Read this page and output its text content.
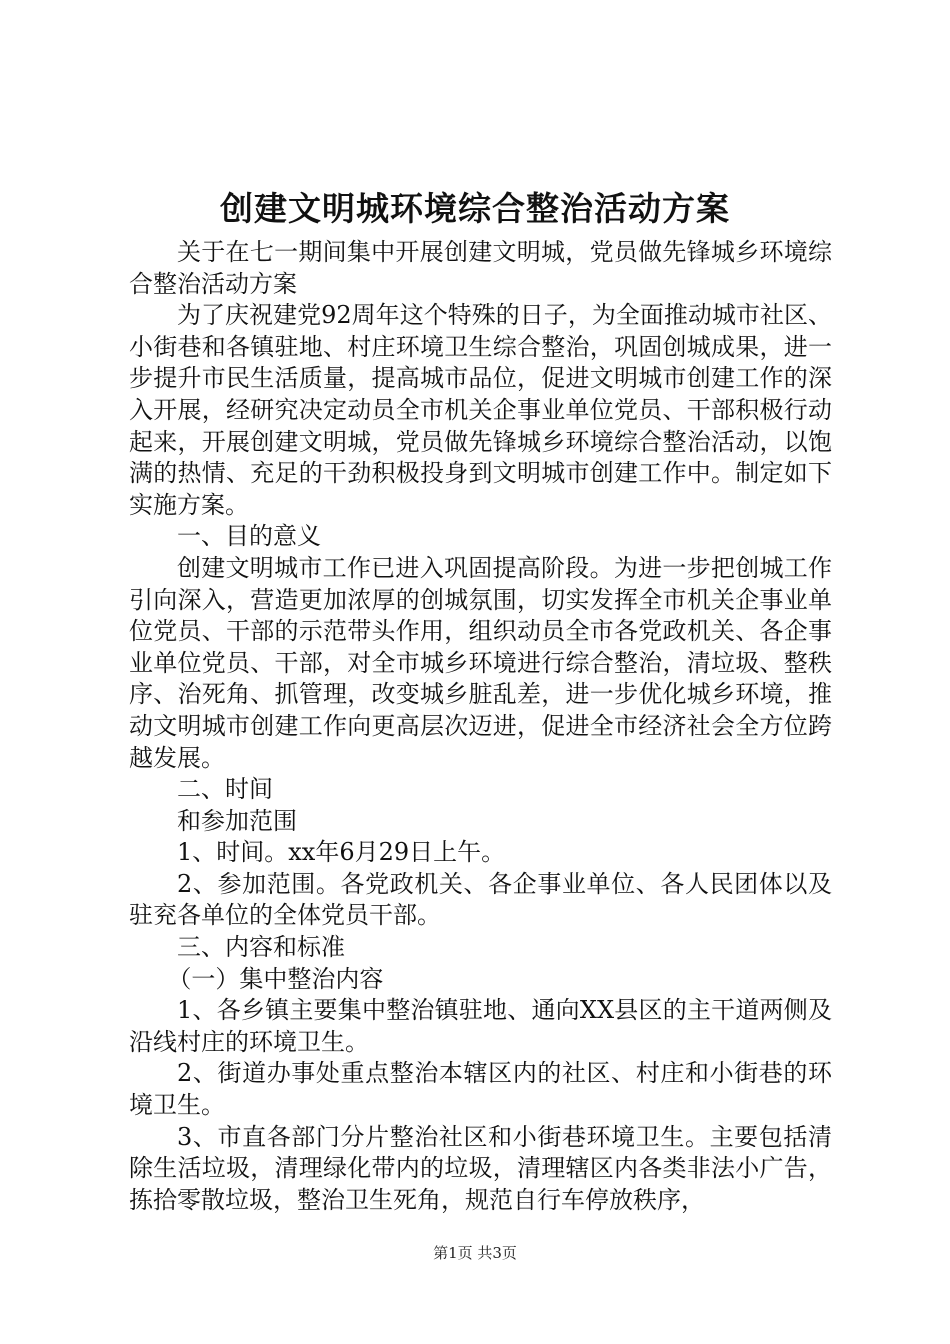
创建文明城环境综合整治活动方案

关于在七一期间集中开展创建文明城，党员做先锋城乡环境综合整治活动方案

为了庆祝建党92周年这个特殊的日子，为全面推动城市社区、小街巷和各镇驻地、村庄环境卫生综合整治，巩固创城成果，进一步提升市民生活质量，提高城市品位，促进文明城市创建工作的深入开展，经研究决定动员全市机关企事业单位党员、干部积极行动起来，开展创建文明城，党员做先锋城乡环境综合整治活动，以饱满的热情、充足的干劲积极投身到文明城市创建工作中。制定如下实施方案。

一、目的意义

创建文明城市工作已进入巩固提高阶段。为进一步把创城工作引向深入，营造更加浓厚的创城氛围，切实发挥全市机关企事业单位党员、干部的示范带头作用，组织动员全市各党政机关、各企事业单位党员、干部，对全市城乡环境进行综合整治，清垃圾、整秩序、治死角、抓管理，改变城乡脏乱差，进一步优化城乡环境，推动文明城市创建工作向更高层次迈进，促进全市经济社会全方位跨越发展。

二、时间

和参加范围

1、时间。xx年6月29日上午。

2、参加范围。各党政机关、各企事业单位、各人民团体以及驻兖各单位的全体党员干部。

三、内容和标准

（一）集中整治内容

1、各乡镇主要集中整治镇驻地、通向XX县区的主干道两侧及沿线村庄的环境卫生。

2、街道办事处重点整治本辖区内的社区、村庄和小街巷的环境卫生。

3、市直各部门分片整治社区和小街巷环境卫生。主要包括清除生活垃圾，清理绿化带内的垃圾，清理辖区内各类非法小广告，拣拾零散垃圾，整治卫生死角，规范自行车停放秩序，

第1页 共3页
